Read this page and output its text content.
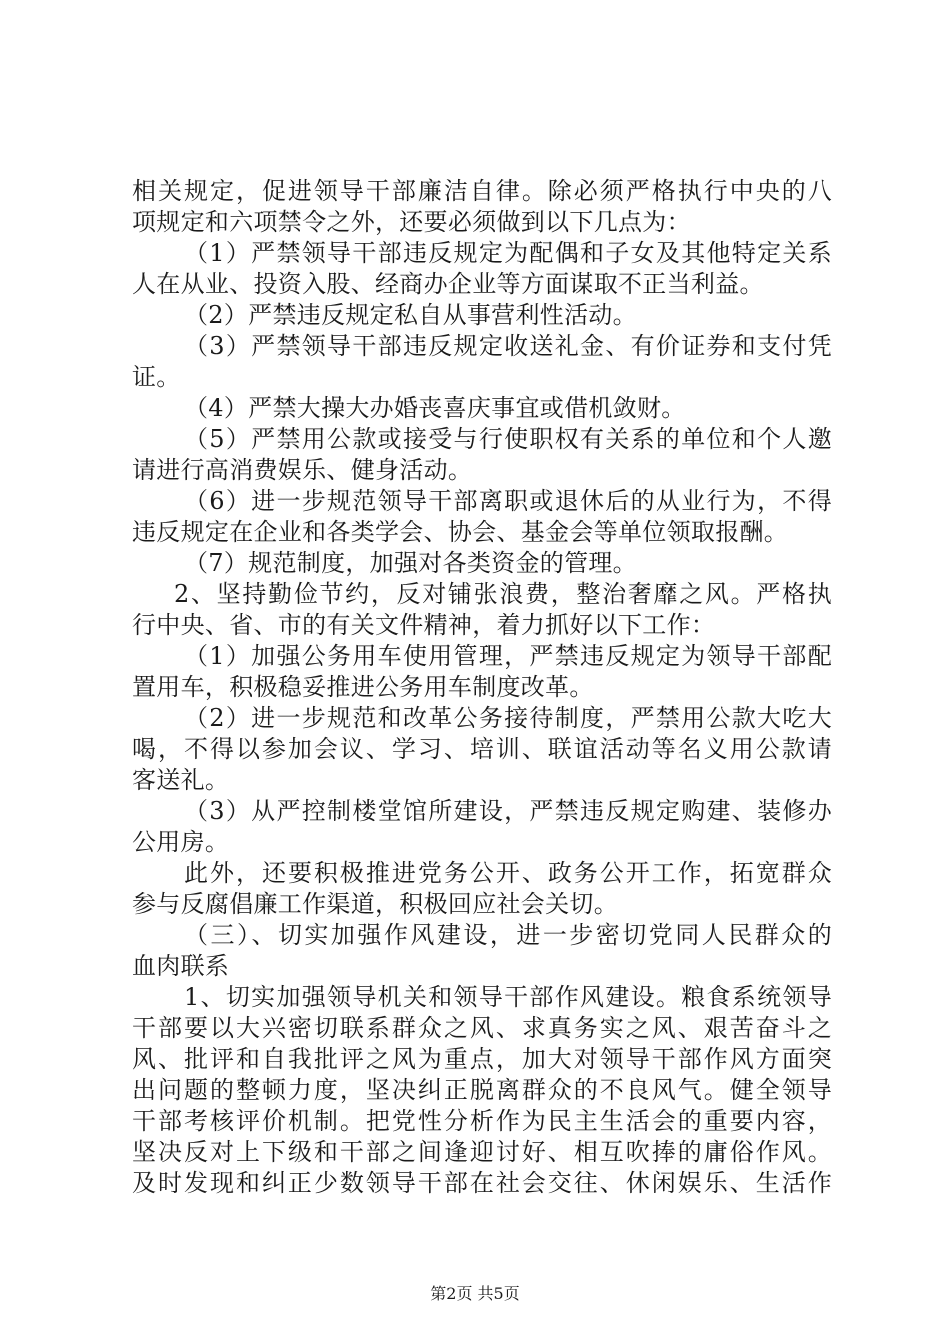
相关规定，促进领导干部廉洁自律。除必须严格执行中央的八
项规定和六项禁令之外，还要必须做到以下几点为：
（1）严禁领导干部违反规定为配偶和子女及其他特定关系
人在从业、投资入股、经商办企业等方面谋取不正当利益。
（2）严禁违反规定私自从事营利性活动。
（3）严禁领导干部违反规定收送礼金、有价证券和支付凭
证。
（4）严禁大操大办婚丧喜庆事宜或借机敛财。
（5）严禁用公款或接受与行使职权有关系的单位和个人邀
请进行高消费娱乐、健身活动。
（6）进一步规范领导干部离职或退休后的从业行为，不得
违反规定在企业和各类学会、协会、基金会等单位领取报酬。
（7）规范制度，加强对各类资金的管理。
2、坚持勤俭节约，反对铺张浪费，整治奢靡之风。严格执
行中央、省、市的有关文件精神，着力抓好以下工作：
（1）加强公务用车使用管理，严禁违反规定为领导干部配
置用车，积极稳妥推进公务用车制度改革。
（2）进一步规范和改革公务接待制度，严禁用公款大吃大
喝，不得以参加会议、学习、培训、联谊活动等名义用公款请
客送礼。
（3）从严控制楼堂馆所建设，严禁违反规定购建、装修办
公用房。
此外，还要积极推进党务公开、政务公开工作，拓宽群众
参与反腐倡廉工作渠道，积极回应社会关切。
（三）、切实加强作风建设，进一步密切党同人民群众的
血肉联系
1、切实加强领导机关和领导干部作风建设。粮食系统领导
干部要以大兴密切联系群众之风、求真务实之风、艰苦奋斗之
风、批评和自我批评之风为重点，加大对领导干部作风方面突
出问题的整顿力度，坚决纠正脱离群众的不良风气。健全领导
干部考核评价机制。把党性分析作为民主生活会的重要内容，
坚决反对上下级和干部之间逢迎讨好、相互吹捧的庸俗作风。
及时发现和纠正少数领导干部在社会交往、休闲娱乐、生活作
第2页 共5页
